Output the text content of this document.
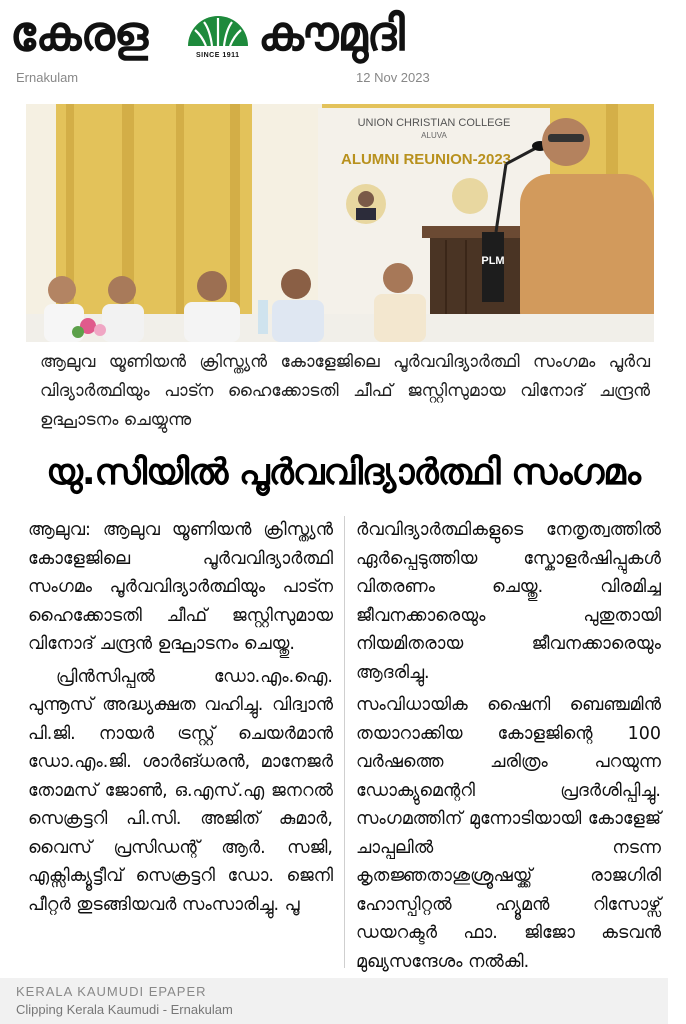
കേരള	SINCE 1911 കൗമുദി
Ernakulam	12 Nov 2023
UNION CHRISTIAN COLLEGE
ALUVA
ALUMNI REUNION-2023
PLM
ആലുവ യൂണിയൻ ക്രിസ്ത്യൻ കോളേജിലെ പൂർവവിദ്യാർത്ഥി സംഗമം പൂർവ വിദ്യാർത്ഥിയും പാട്ന ഹൈക്കോടതി ചീഫ് ജസ്റ്റിസുമായ വിനോദ് ചന്ദ്രൻ ഉദ്ഘാടനം ചെയ്യുന്നു
യു.സിയിൽ പൂർവവിദ്യാർത്ഥി സംഗമം

ആലുവ: ആലുവ യൂണിയൻ ക്രിസ്ത്യൻ കോളേജിലെ പൂർവവിദ്യാർത്ഥി സംഗമം പൂർവവിദ്യാർത്ഥിയും പാട്ന ഹൈക്കോടതി ചീഫ് ജസ്റ്റിസുമായ വിനോദ് ചന്ദ്രൻ ഉദ്ഘാടനം ചെയ്തു.

പ്രിൻസിപ്പൽ ഡോ.എം.ഐ. പുന്നൂസ് അദ്ധ്യക്ഷത വഹിച്ചു. വിദ്വാൻ പി.ജി. നായർ ട്രസ്റ്റ് ചെയർമാൻ ഡോ.എം.ജി. ശാർങ്ധരൻ, മാനേജർ തോമസ് ജോൺ, ഒ.എസ്.എ ജനറൽ സെക്രട്ടറി പി.സി. അജിത് കുമാർ, വൈസ് പ്രസിഡന്റ് ആർ. സജി, എക്സിക്യൂട്ടീവ് സെക്രട്ടറി ഡോ. ജെനി പീറ്റർ തുടങ്ങിയവർ സംസാരിച്ചു. പൂ

ർവവിദ്യാർത്ഥികളുടെ നേതൃത്വത്തിൽ ഏർപ്പെടുത്തിയ സ്കോളർഷിപ്പുകൾ വിതരണം ചെയ്തു. വിരമിച്ച ജീവനക്കാരെയും പുതുതായി നിയമിതരായ ജീവനക്കാരെയും ആദരിച്ചു.

സംവിധായിക ഷൈനി ബെഞ്ചമിൻ തയാറാക്കിയ കോളജിന്റെ 100 വർഷത്തെ ചരിത്രം പറയുന്ന ഡോക്യുമെന്ററി പ്രദർശിപ്പിച്ചു. സംഗമത്തിന് മുന്നോടിയായി കോളേജ് ചാപ്പലിൽ നടന്ന കൃതജ്ഞതാശുശ്രൂഷയ്ക്ക് രാജഗിരി ഹോസ്പിറ്റൽ ഹ്യൂമൻ റിസോഴ്സ് ഡയറക്ടർ ഫാ. ജിജോ കടവൻ മുഖ്യസന്ദേശം നൽകി.

KERALA KAUMUDI EPAPER
Clipping Kerala Kaumudi - Ernakulam
